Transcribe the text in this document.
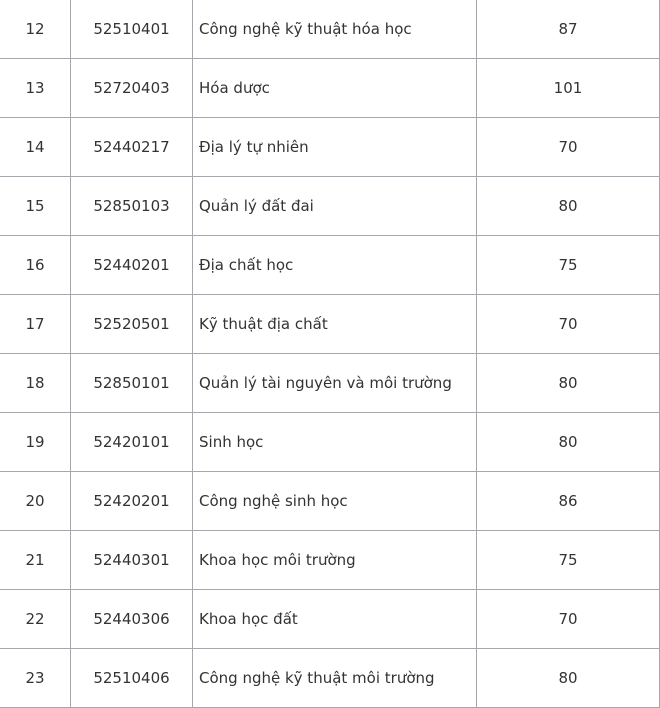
12	52510401	Công nghệ kỹ thuật hóa học	87
13	52720403	Hóa dược	101
14	52440217	Địa lý tự nhiên	70
15	52850103	Quản lý đất đai	80
16	52440201	Địa chất học	75
17	52520501	Kỹ thuật địa chất	70
18	52850101	Quản lý tài nguyên và môi trường	80
19	52420101	Sinh học	80
20	52420201	Công nghệ sinh học	86
21	52440301	Khoa học môi trường	75
22	52440306	Khoa học đất	70
23	52510406	Công nghệ kỹ thuật môi trường	80
